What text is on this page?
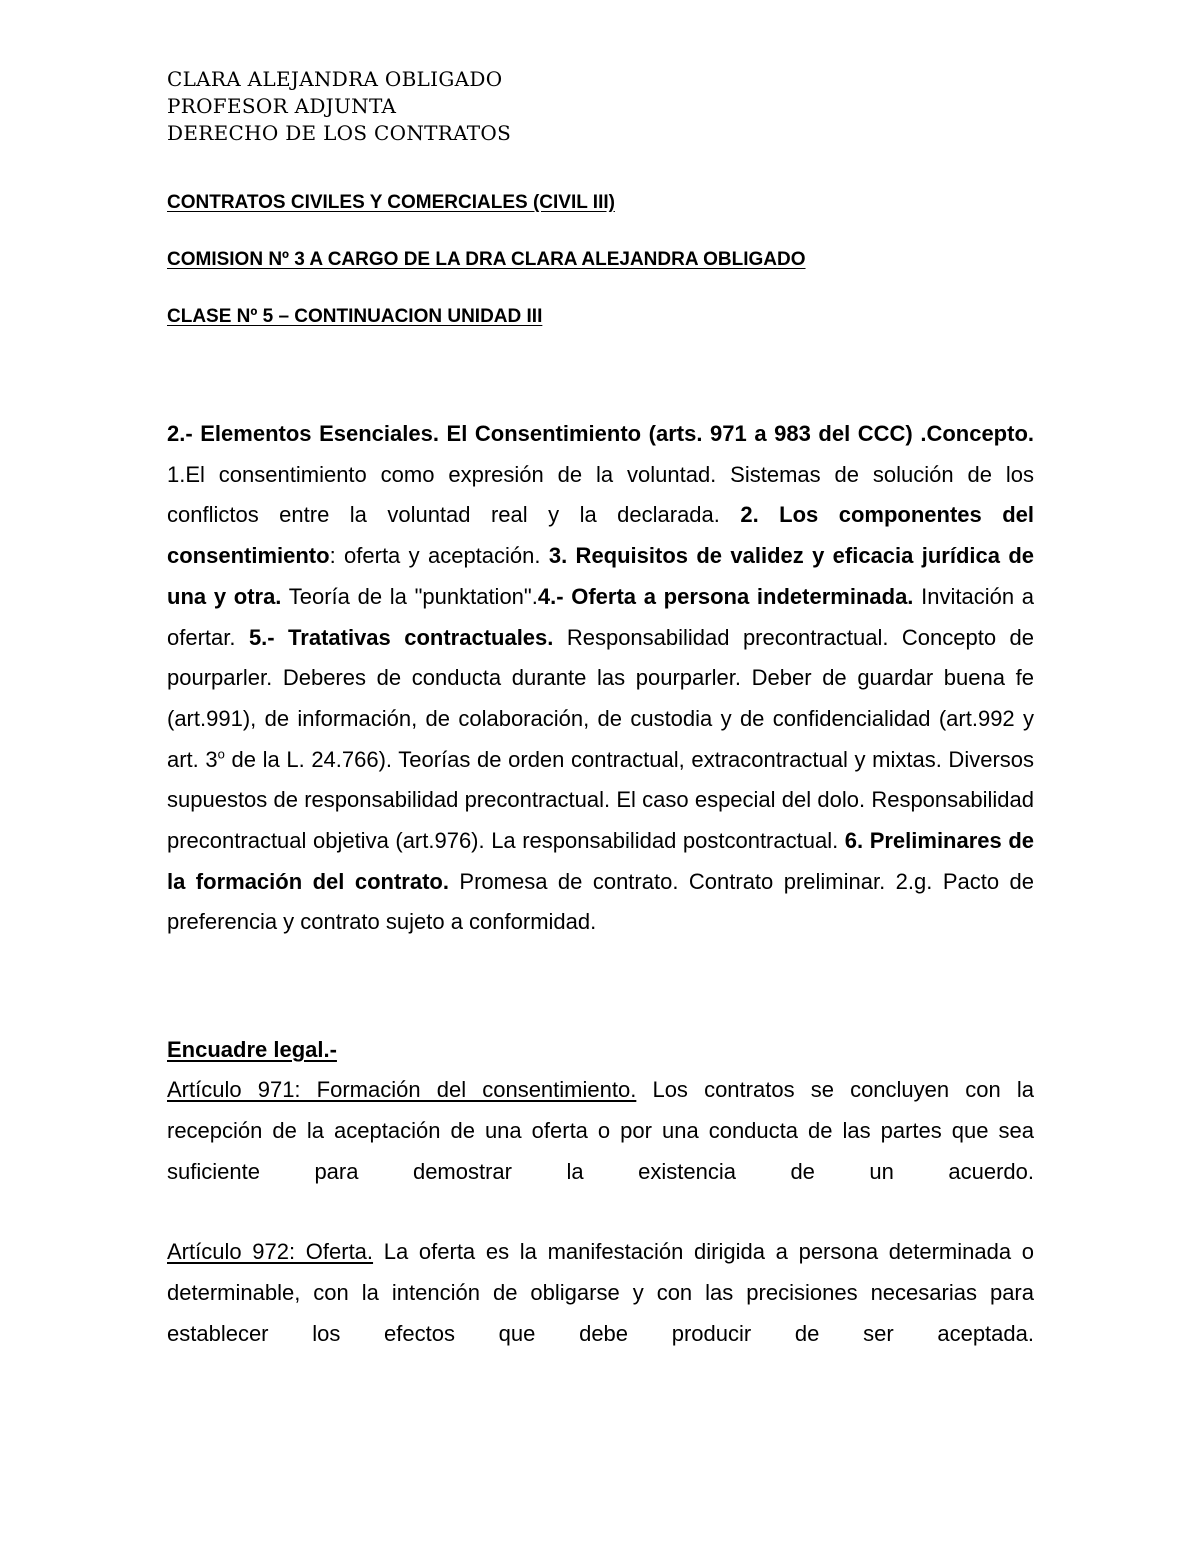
CLARA ALEJANDRA OBLIGADO
PROFESOR ADJUNTA
DERECHO DE LOS CONTRATOS
CONTRATOS CIVILES Y COMERCIALES (CIVIL III)
COMISION Nº 3 A CARGO DE LA DRA CLARA ALEJANDRA OBLIGADO
CLASE Nº 5 – CONTINUACION UNIDAD III
2.- Elementos Esenciales. El Consentimiento (arts. 971 a 983 del CCC) .Concepto. 1.El consentimiento como expresión de la voluntad. Sistemas de solución de los conflictos entre la voluntad real y la declarada. 2. Los componentes del consentimiento: oferta y aceptación. 3. Requisitos de validez y eficacia jurídica de una y otra. Teoría de la "punktation".4.- Oferta a persona indeterminada. Invitación a ofertar. 5.- Tratativas contractuales. Responsabilidad precontractual. Concepto de pourparler. Deberes de conducta durante las pourparler. Deber de guardar buena fe (art.991), de información, de colaboración, de custodia y de confidencialidad (art.992 y art. 3$^o$ de la L. 24.766). Teorías de orden contractual, extracontractual y mixtas. Diversos supuestos de responsabilidad precontractual. El caso especial del dolo. Responsabilidad precontractual objetiva (art.976). La responsabilidad postcontractual. 6. Preliminares de la formación del contrato. Promesa de contrato. Contrato preliminar. 2.g. Pacto de preferencia y contrato sujeto a conformidad.
Encuadre legal.-
Artículo 971: Formación del consentimiento. Los contratos se concluyen con la recepción de la aceptación de una oferta o por una conducta de las partes que sea suficiente para demostrar la existencia de un acuerdo.
Artículo 972: Oferta. La oferta es la manifestación dirigida a persona determinada o determinable, con la intención de obligarse y con las precisiones necesarias para establecer los efectos que debe producir de ser aceptada.
